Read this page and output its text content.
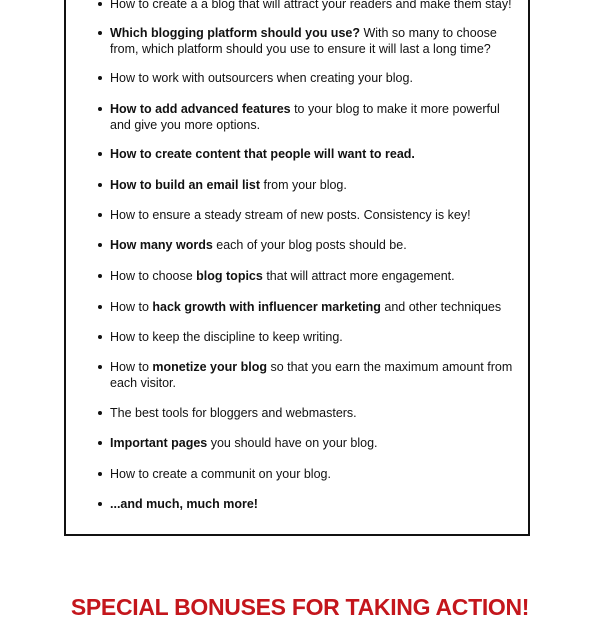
How to create a a blog that will attract your readers and make them stay!
Which blogging platform should you use? With so many to choose from, which platform should you use to ensure it will last a long time?
How to work with outsourcers when creating your blog.
How to add advanced features to your blog to make it more powerful and give you more options.
How to create content that people will want to read.
How to build an email list from your blog.
How to ensure a steady stream of new posts. Consistency is key!
How many words each of your blog posts should be.
How to choose blog topics that will attract more engagement.
How to hack growth with influencer marketing and other techniques
How to keep the discipline to keep writing.
How to monetize your blog so that you earn the maximum amount from each visitor.
The best tools for bloggers and webmasters.
Important pages you should have on your blog.
How to create a communit on your blog.
...and much, much more!
SPECIAL BONUSES FOR TAKING ACTION!
